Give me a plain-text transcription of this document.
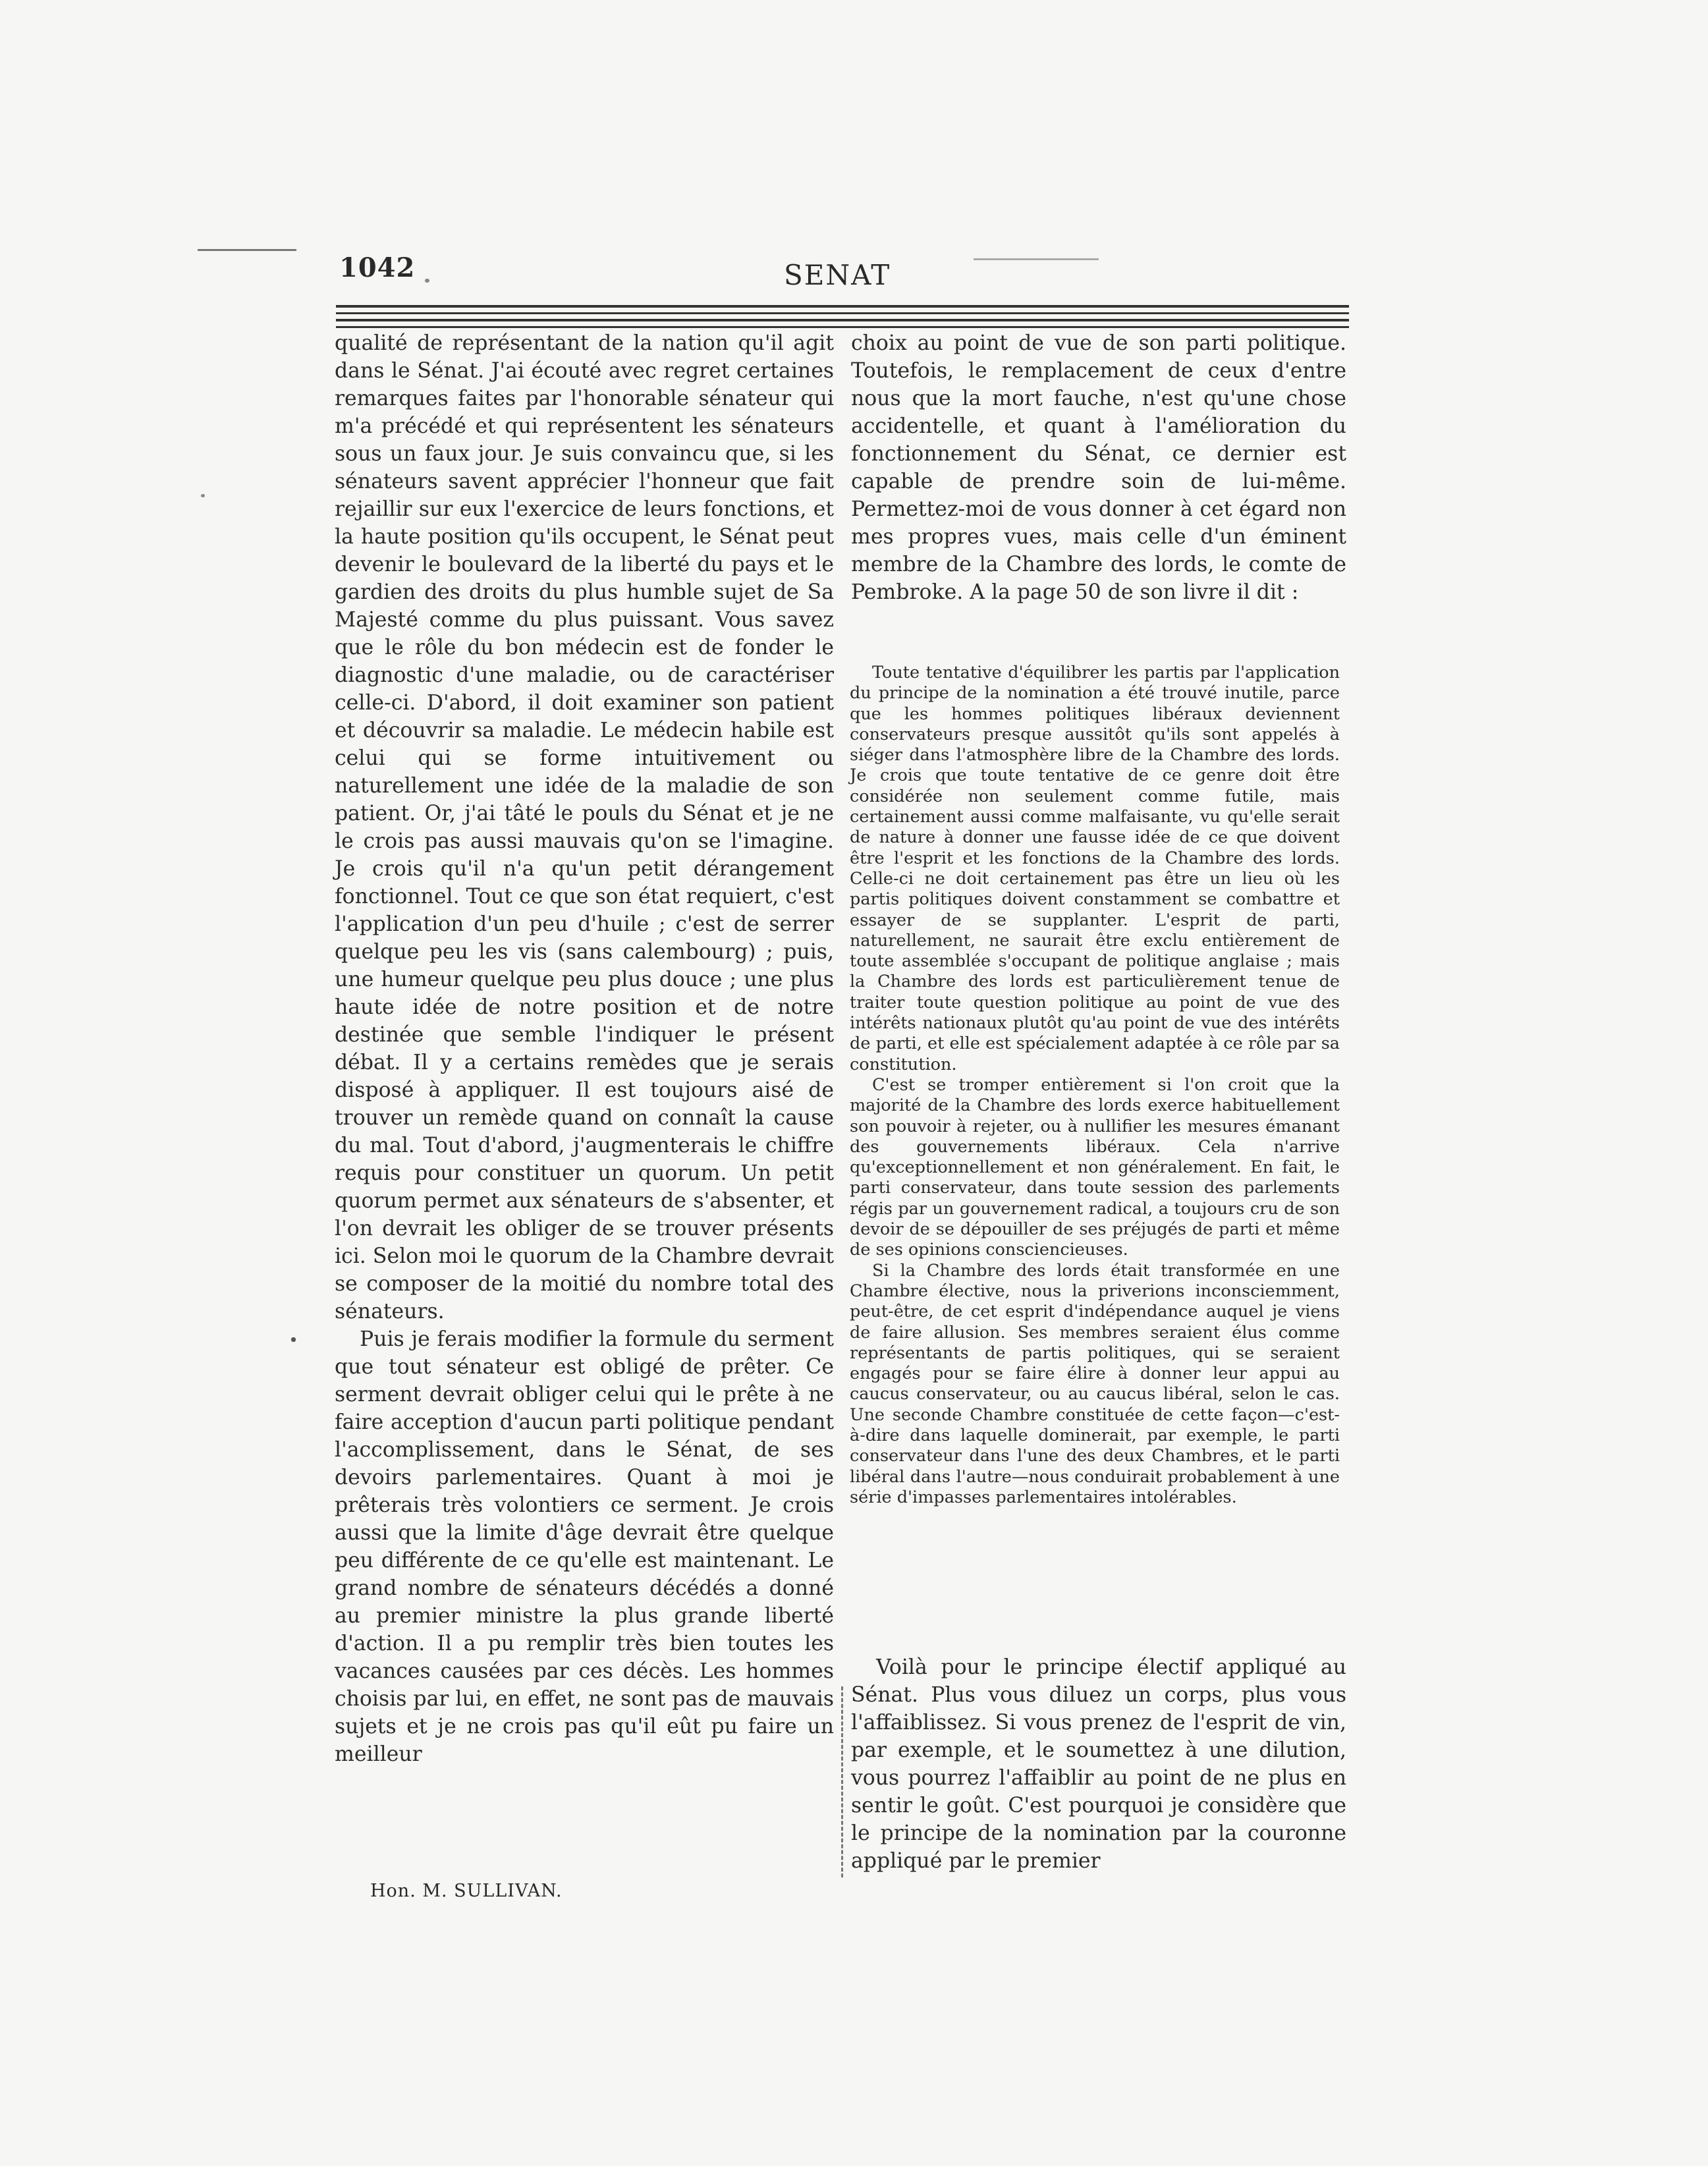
1042	SENAT

qualité de représentant de la nation qu'il agit dans le Sénat. J'ai écouté avec regret certaines remarques faites par l'honorable sénateur qui m'a précédé et qui représentent les sénateurs sous un faux jour. Je suis convaincu que, si les sénateurs savent apprécier l'honneur que fait rejaillir sur eux l'exercice de leurs fonctions, et la haute position qu'ils occupent, le Sénat peut devenir le boulevard de la liberté du pays et le gardien des droits du plus humble sujet de Sa Majesté comme du plus puissant. Vous savez que le rôle du bon médecin est de fonder le diagnostic d'une maladie, ou de caractériser celle-ci. D'abord, il doit examiner son patient et découvrir sa maladie. Le médecin habile est celui qui se forme intuitivement ou naturellement une idée de la maladie de son patient. Or, j'ai tâté le pouls du Sénat et je ne le crois pas aussi mauvais qu'on se l'imagine. Je crois qu'il n'a qu'un petit dérangement fonctionnel. Tout ce que son état requiert, c'est l'application d'un peu d'huile ; c'est de serrer quelque peu les vis (sans calembourg) ; puis, une humeur quelque peu plus douce ; une plus haute idée de notre position et de notre destinée que semble l'indiquer le présent débat. Il y a certains remèdes que je serais disposé à appliquer. Il est toujours aisé de trouver un remède quand on connaît la cause du mal. Tout d'abord, j'augmenterais le chiffre requis pour constituer un quorum. Un petit quorum permet aux sénateurs de s'absenter, et l'on devrait les obliger de se trouver présents ici. Selon moi le quorum de la Chambre devrait se composer de la moitié du nombre total des sénateurs.

Puis je ferais modifier la formule du serment que tout sénateur est obligé de prêter. Ce serment devrait obliger celui qui le prête à ne faire acception d'aucun parti politique pendant l'accomplissement, dans le Sénat, de ses devoirs parlementaires. Quant à moi je prêterais très volontiers ce serment. Je crois aussi que la limite d'âge devrait être quelque peu différente de ce qu'elle est maintenant. Le grand nombre de sénateurs décédés a donné au premier ministre la plus grande liberté d'action. Il a pu remplir très bien toutes les vacances causées par ces décès. Les hommes choisis par lui, en effet, ne sont pas de mauvais sujets et je ne crois pas qu'il eût pu faire un meilleur

Hon. M. SULLIVAN.

choix au point de vue de son parti politique. Toutefois, le remplacement de ceux d'entre nous que la mort fauche, n'est qu'une chose accidentelle, et quant à l'amélioration du fonctionnement du Sénat, ce dernier est capable de prendre soin de lui-même. Permettez-moi de vous donner à cet égard non mes propres vues, mais celle d'un éminent membre de la Chambre des lords, le comte de Pembroke. A la page 50 de son livre il dit :

Toute tentative d'équilibrer les partis par l'application du principe de la nomination a été trouvé inutile, parce que les hommes politiques libéraux deviennent conservateurs presque aussitôt qu'ils sont appelés à siéger dans l'atmosphère libre de la Chambre des lords. Je crois que toute tentative de ce genre doit être considérée non seulement comme futile, mais certainement aussi comme malfaisante, vu qu'elle serait de nature à donner une fausse idée de ce que doivent être l'esprit et les fonctions de la Chambre des lords. Celle-ci ne doit certainement pas être un lieu où les partis politiques doivent constamment se combattre et essayer de se supplanter. L'esprit de parti, naturellement, ne saurait être exclu entièrement de toute assemblée s'occupant de politique anglaise ; mais la Chambre des lords est particulièrement tenue de traiter toute question politique au point de vue des intérêts nationaux plutôt qu'au point de vue des intérêts de parti, et elle est spécialement adaptée à ce rôle par sa constitution.

C'est se tromper entièrement si l'on croit que la majorité de la Chambre des lords exerce habituellement son pouvoir à rejeter, ou à nullifier les mesures émanant des gouvernements libéraux. Cela n'arrive qu'exceptionnellement et non généralement. En fait, le parti conservateur, dans toute session des parlements régis par un gouvernement radical, a toujours cru de son devoir de se dépouiller de ses préjugés de parti et même de ses opinions consciencieuses.

Si la Chambre des lords était transformée en une Chambre élective, nous la priverions inconsciemment, peut-être, de cet esprit d'indépendance auquel je viens de faire allusion. Ses membres seraient élus comme représentants de partis politiques, qui se seraient engagés pour se faire élire à donner leur appui au caucus conservateur, ou au caucus libéral, selon le cas. Une seconde Chambre constituée de cette façon—c'est-à-dire dans laquelle dominerait, par exemple, le parti conservateur dans l'une des deux Chambres, et le parti libéral dans l'autre—nous conduirait probablement à une série d'impasses parlementaires intolérables.

Voilà pour le principe électif appliqué au Sénat. Plus vous diluez un corps, plus vous l'affaiblissez. Si vous prenez de l'esprit de vin, par exemple, et le soumettez à une dilution, vous pourrez l'affaiblir au point de ne plus en sentir le goût. C'est pourquoi je considère que le principe de la nomination par la couronne appliqué par le premier
